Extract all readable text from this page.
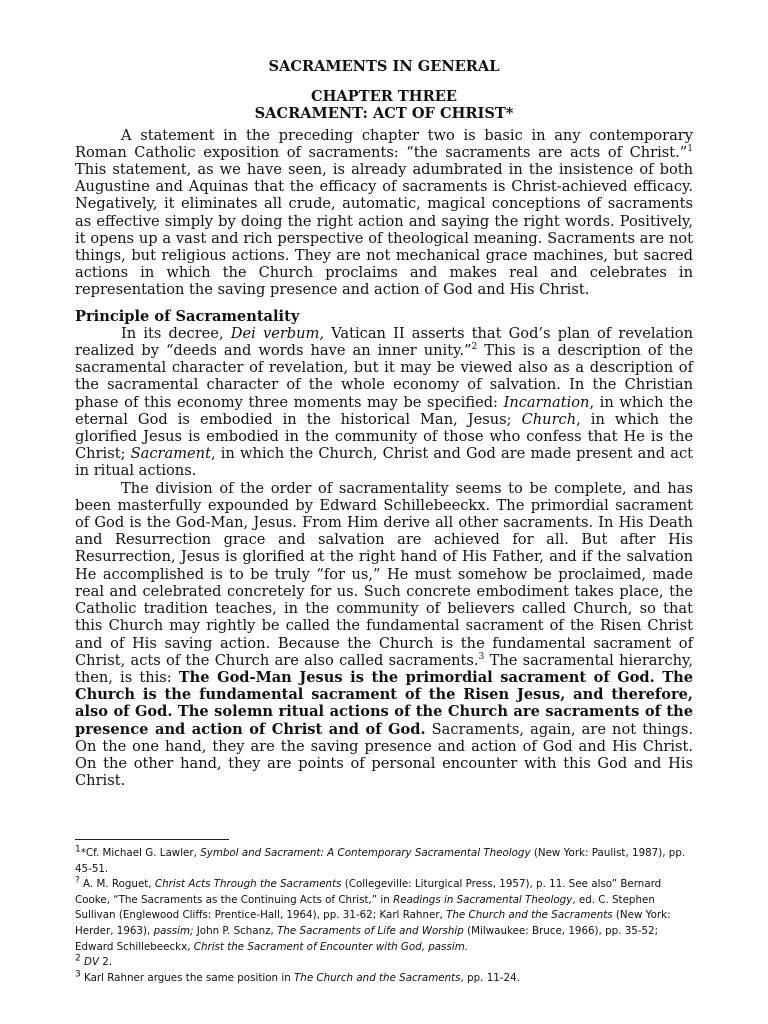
SACRAMENTS IN GENERAL
CHAPTER THREE
SACRAMENT: ACT OF CHRIST*

A statement in the preceding chapter two is basic in any contemporary Roman Catholic exposition of sacraments: “the sacraments are acts of Christ.”$^1$ This statement, as we have seen, is already adumbrated in the insistence of both Augustine and Aquinas that the efficacy of sacraments is Christ-achieved efficacy. Negatively, it eliminates all crude, automatic, magical conceptions of sacraments as effective simply by doing the right action and saying the right words. Positively, it opens up a vast and rich perspective of theological meaning. Sacraments are not things, but religious actions. They are not mechanical grace machines, but sacred actions in which the Church proclaims and makes real and celebrates in representation the saving presence and action of God and His Christ.

Principle of Sacramentality

In its decree, Dei verbum, Vatican II asserts that God’s plan of revelation realized by “deeds and words have an inner unity.”$^2$ This is a description of the sacramental character of revelation, but it may be viewed also as a description of the sacramental character of the whole economy of salvation. In the Christian phase of this economy three moments may be specified: Incarnation, in which the eternal God is embodied in the historical Man, Jesus; Church, in which the glorified Jesus is embodied in the community of those who confess that He is the Christ; Sacrament, in which the Church, Christ and God are made present and act in ritual actions.

The division of the order of sacramentality seems to be complete, and has been masterfully expounded by Edward Schillebeeckx. The primordial sacrament of God is the God-Man, Jesus. From Him derive all other sacraments. In His Death and Resurrection grace and salvation are achieved for all. But after His Resurrection, Jesus is glorified at the right hand of His Father, and if the salvation He accomplished is to be truly “for us,” He must somehow be proclaimed, made real and celebrated concretely for us. Such concrete embodiment takes place, the Catholic tradition teaches, in the community of believers called Church, so that this Church may rightly be called the fundamental sacrament of the Risen Christ and of His saving action. Because the Church is the fundamental sacrament of Christ, acts of the Church are also called sacraments.$^3$ The sacramental hierarchy, then, is this: The God-Man Jesus is the primordial sacrament of God. The Church is the fundamental sacrament of the Risen Jesus, and therefore, also of God. The solemn ritual actions of the Church are sacraments of the presence and action of Christ and of God. Sacraments, again, are not things. On the one hand, they are the saving presence and action of God and His Christ. On the other hand, they are points of personal encounter with this God and His Christ.

$^1$*Cf. Michael G. Lawler, Symbol and Sacrament: A Contemporary Sacramental Theology (New York: Paulist, 1987), pp. 45-51.
? A. M. Roguet, Christ Acts Through the Sacraments (Collegeville: Liturgical Press, 1957), p. 11. See also” Bernard Cooke, “The Sacraments as the Continuing Acts of Christ,” in Readings in Sacramental Theology, ed. C. Stephen Sullivan (Englewood Cliffs: Prentice-Hall, 1964), pp. 31-62; Karl Rahner, The Church and the Sacraments (New York: Herder, 1963), passim; John P. Schanz, The Sacraments of Life and Worship (Milwaukee: Bruce, 1966), pp. 35-52; Edward Schillebeeckx, Christ the Sacrament of Encounter with God, passim.
$^2$ DV 2.
$^3$ Karl Rahner argues the same position in The Church and the Sacraments, pp. 11-24.
